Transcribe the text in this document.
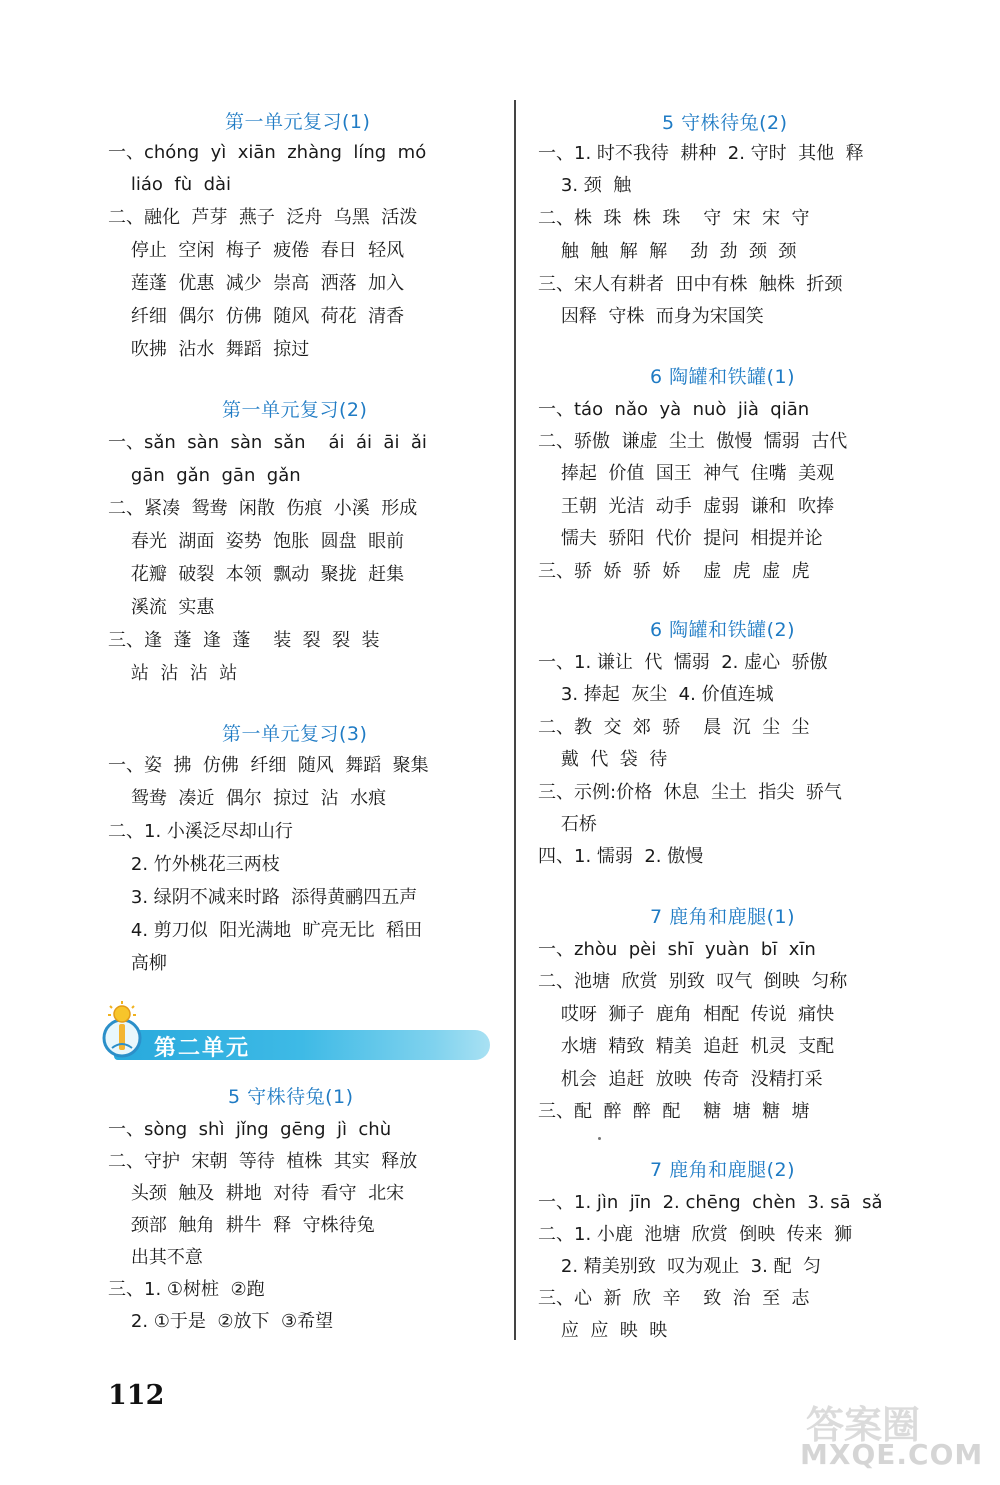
第一单元复习(1)
一、chóng  yì  xiān  zhàng  líng  mó
liáo  fù  dài
二、融化  芦芽  燕子  泛舟  乌黑  活泼
停止  空闲  梅子  疲倦  春日  轻风
莲蓬  优惠  减少  崇高  洒落  加入
纤细  偶尔  仿佛  随风  荷花  清香
吹拂  沾水  舞蹈  掠过
第一单元复习(2)
一、sǎn  sàn  sàn  sǎn    ái  ái  āi  ǎi
gān  gǎn  gān  gǎn
二、紧凑  鸳鸯  闲散  伤痕  小溪  形成
春光  湖面  姿势  饱胀  圆盘  眼前
花瓣  破裂  本领  飘动  聚拢  赶集
溪流  实惠
三、逢  蓬  逢  蓬    装  裂  裂  装
站  沾  沾  站
第一单元复习(3)
一、姿  拂  仿佛  纤细  随风  舞蹈  聚集
鸳鸯  凑近  偶尔  掠过  沾  水痕
二、1. 小溪泛尽却山行
2. 竹外桃花三两枝
3. 绿阴不减来时路  添得黄鹂四五声
4. 剪刀似  阳光满地  旷亮无比  稻田
高柳
第二单元
5 守株待兔(1)
一、sòng  shì  jǐng  gēng  jì  chù
二、守护  宋朝  等待  植株  其实  释放
头颈  触及  耕地  对待  看守  北宋
颈部  触角  耕牛  释  守株待兔
出其不意
三、1. ①树桩  ②跑
2. ①于是  ②放下  ③希望
5 守株待兔(2)
一、1. 时不我待  耕种  2. 守时  其他  释
3. 颈  触
二、株  珠  株  珠    守  宋  宋  守
触  触  解  解    劲  劲  颈  颈
三、宋人有耕者  田中有株  触株  折颈
因释  守株  而身为宋国笑
6 陶罐和铁罐(1)
一、táo  nǎo  yà  nuò  jià  qiān
二、骄傲  谦虚  尘土  傲慢  懦弱  古代
捧起  价值  国王  神气  住嘴  美观
王朝  光洁  动手  虚弱  谦和  吹捧
懦夫  骄阳  代价  提问  相提并论
三、骄  娇  骄  娇    虚  虎  虚  虎
6 陶罐和铁罐(2)
一、1. 谦让  代  懦弱  2. 虚心  骄傲
3. 捧起  灰尘  4. 价值连城
二、教  交  郊  骄    晨  沉  尘  尘
戴  代  袋  待
三、示例:价格  休息  尘土  指尖  骄气
石桥
四、1. 懦弱  2. 傲慢
7 鹿角和鹿腿(1)
一、zhòu  pèi  shī  yuàn  bī  xīn
二、池塘  欣赏  别致  叹气  倒映  匀称
哎呀  狮子  鹿角  相配  传说  痛快
水塘  精致  精美  追赶  机灵  支配
机会  追赶  放映  传奇  没精打采
三、配  醉  醉  配    糖  塘  糖  塘
7 鹿角和鹿腿(2)
一、1. jìn  jīn  2. chēng  chèn  3. sā  sǎ
二、1. 小鹿  池塘  欣赏  倒映  传来  狮
2. 精美别致  叹为观止  3. 配  匀
三、心  新  欣  辛    致  治  至  志
应  应  映  映
112
答案圈
MXQE.COM
